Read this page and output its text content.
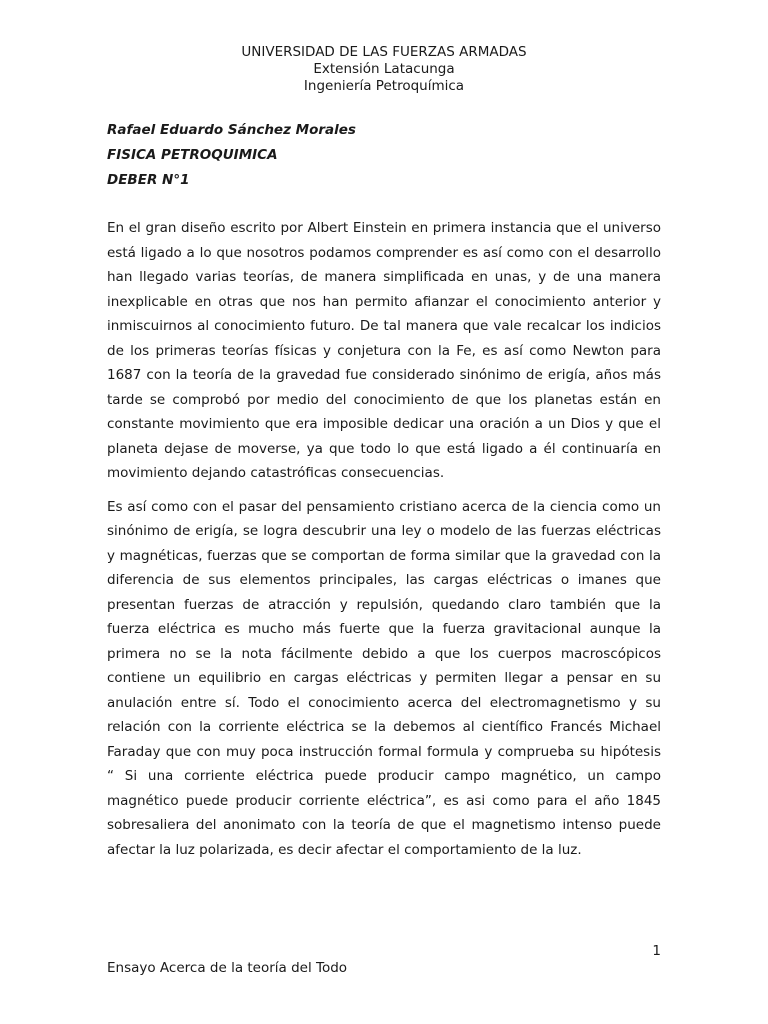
UNIVERSIDAD DE LAS FUERZAS ARMADAS
Extensión Latacunga
Ingeniería Petroquímica
Rafael Eduardo Sánchez Morales
FISICA PETROQUIMICA
DEBER N°1

En el gran diseño escrito por Albert Einstein en primera instancia que el universo está ligado a lo que nosotros podamos comprender es así como con el desarrollo han llegado varias teorías, de manera simplificada en unas, y de una manera inexplicable en otras que nos han permito afianzar el conocimiento anterior y inmiscuirnos al conocimiento futuro. De tal manera que vale recalcar los indicios de los primeras teorías físicas y conjetura con la Fe, es así como Newton para 1687 con la teoría de la gravedad fue considerado sinónimo de erigía, años más tarde se comprobó por medio del conocimiento de que los planetas están en constante movimiento que era imposible dedicar una oración a un Dios y que el planeta dejase de moverse, ya que todo lo que está ligado a él continuaría en movimiento dejando catastróficas consecuencias.

Es así como con el pasar del pensamiento cristiano acerca de la ciencia como un sinónimo de erigía, se logra descubrir una ley o modelo de las fuerzas eléctricas y magnéticas, fuerzas que se comportan de forma similar que la gravedad con la diferencia de sus elementos principales, las cargas eléctricas o imanes que presentan fuerzas de atracción y repulsión, quedando claro también que la fuerza eléctrica es mucho más fuerte que la fuerza gravitacional aunque la primera no se la nota fácilmente debido a que los cuerpos macroscópicos contiene un equilibrio en cargas eléctricas y permiten llegar a pensar en su anulación entre sí. Todo el conocimiento acerca del electromagnetismo y su relación con la corriente eléctrica se la debemos al científico Francés Michael Faraday que con muy poca instrucción formal formula y comprueba su hipótesis “ Si una corriente eléctrica puede producir campo magnético, un campo magnético puede producir corriente eléctrica”, es asi como para el año 1845 sobresaliera del anonimato con la teoría de que el magnetismo intenso puede afectar la luz polarizada, es decir afectar el comportamiento de la luz.

1
Ensayo Acerca de la teoría del Todo
